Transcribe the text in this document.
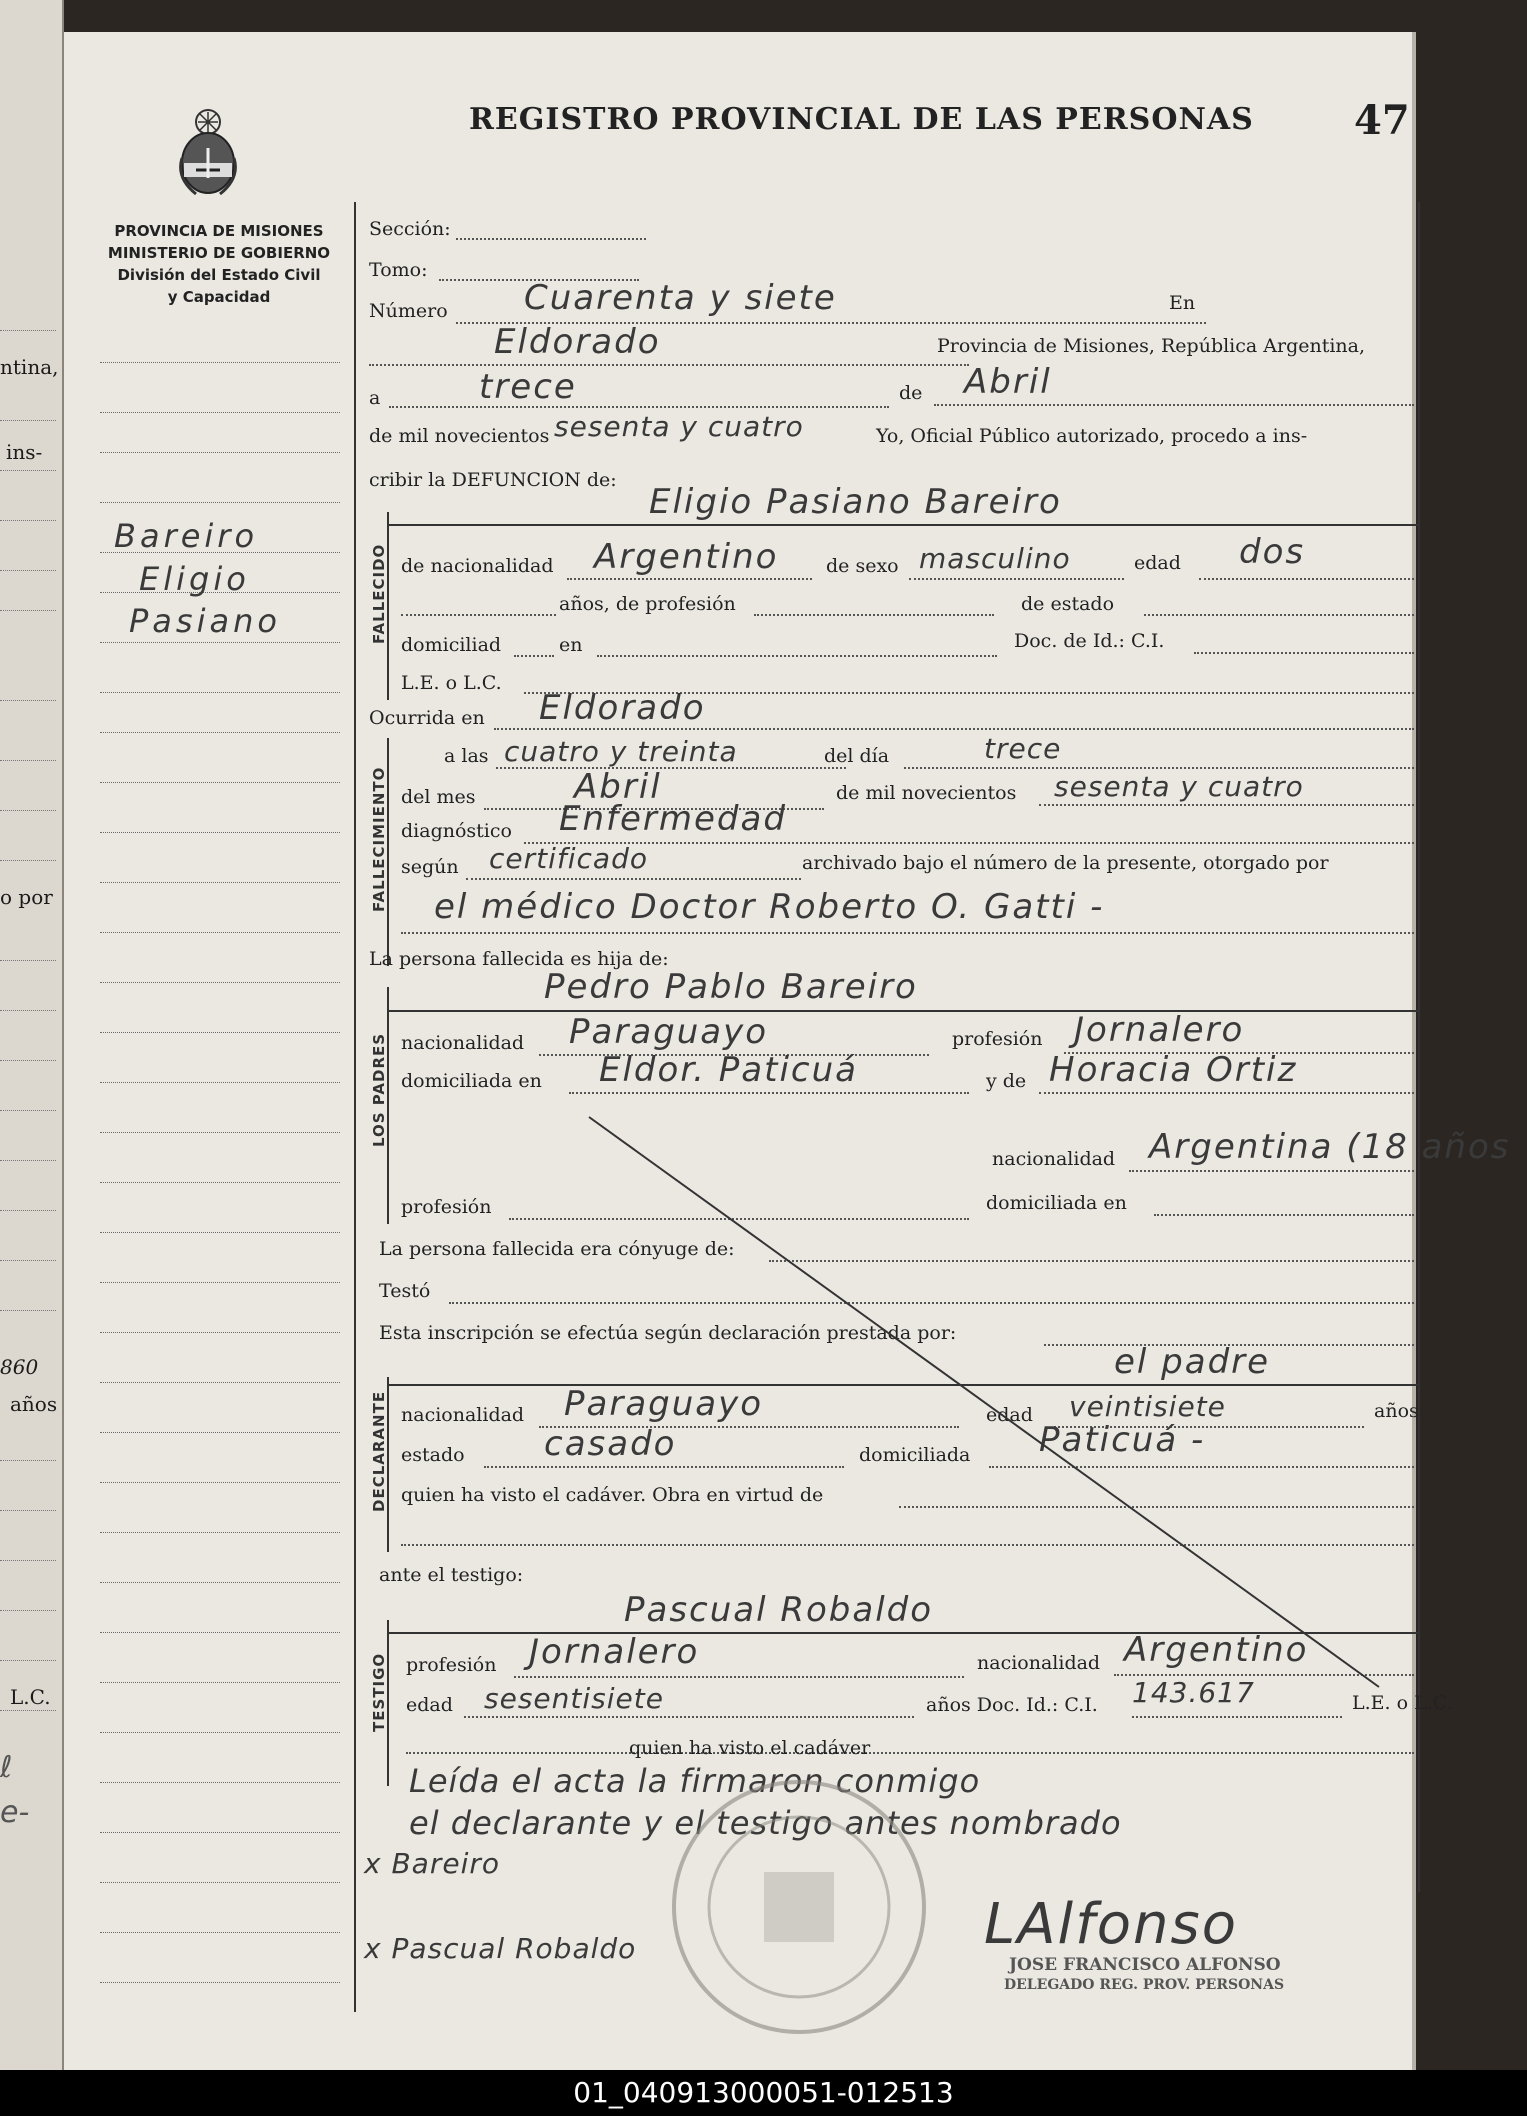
ntina,
ins-
o por
860
años
L.C.
ℓ
e-
REGISTRO PROVINCIAL DE LAS PERSONAS	47
PROVINCIA DE MISIONES
MINISTERIO DE GOBIERNO
División del Estado Civil
y Capacidad
Bareiro
Eligio
Pasiano
Sección:
Tomo:
Número Cuarenta y siete	En
Eldorado	Provincia de Misiones, República Argentina,
a	trece	de Abril
de mil novecientos sesenta y cuatro	Yo, Oficial Público autorizado, procedo a ins-
cribir la DEFUNCION de:
FALLECIDO
Eligio Pasiano Bareiro
de nacionalidad Argentino	de sexo masculino	edad dos
años, de profesión	de estado
domiciliad	en	Doc. de Id.: C.I.
L.E. o L.C.
Ocurrida en Eldorado
FALLECIMIENTO
a las cuatro y treinta	del día	trece
del mes	Abril	de mil novecientos sesenta y cuatro
diagnóstico Enfermedad
según certificado	archivado bajo el número de la presente, otorgado por
el médico Doctor Roberto O. Gatti -
La persona fallecida es hija de:
LOS PADRES
Pedro Pablo Bareiro
nacionalidad Paraguayo	profesión Jornalero
domiciliada en Eldor. Paticuá	y de Horacia Ortiz
nacionalidad Argentina (18 años
profesión	domiciliada en
La persona fallecida era cónyuge de:
Testó
Esta inscripción se efectúa según declaración prestada por:
DECLARANTE
el padre
nacionalidad Paraguayo	edad veintisiete	años
estado casado	domiciliada Paticuá -
quien ha visto el cadáver. Obra en virtud de
ante el testigo:
TESTIGO
Pascual Robaldo
profesión Jornalero	nacionalidad Argentino
edad sesentisiete	años Doc. Id.: C.I. 143.617	L.E. o L.C.
quien ha visto el cadáver
Leída el acta la firmaron conmigo
el declarante y el testigo antes nombrado
x Bareiro
x Pascual Robaldo	LAlfonso
JOSE FRANCISCO ALFONSO
DELEGADO REG. PROV. PERSONAS
01_040913000051-012513
